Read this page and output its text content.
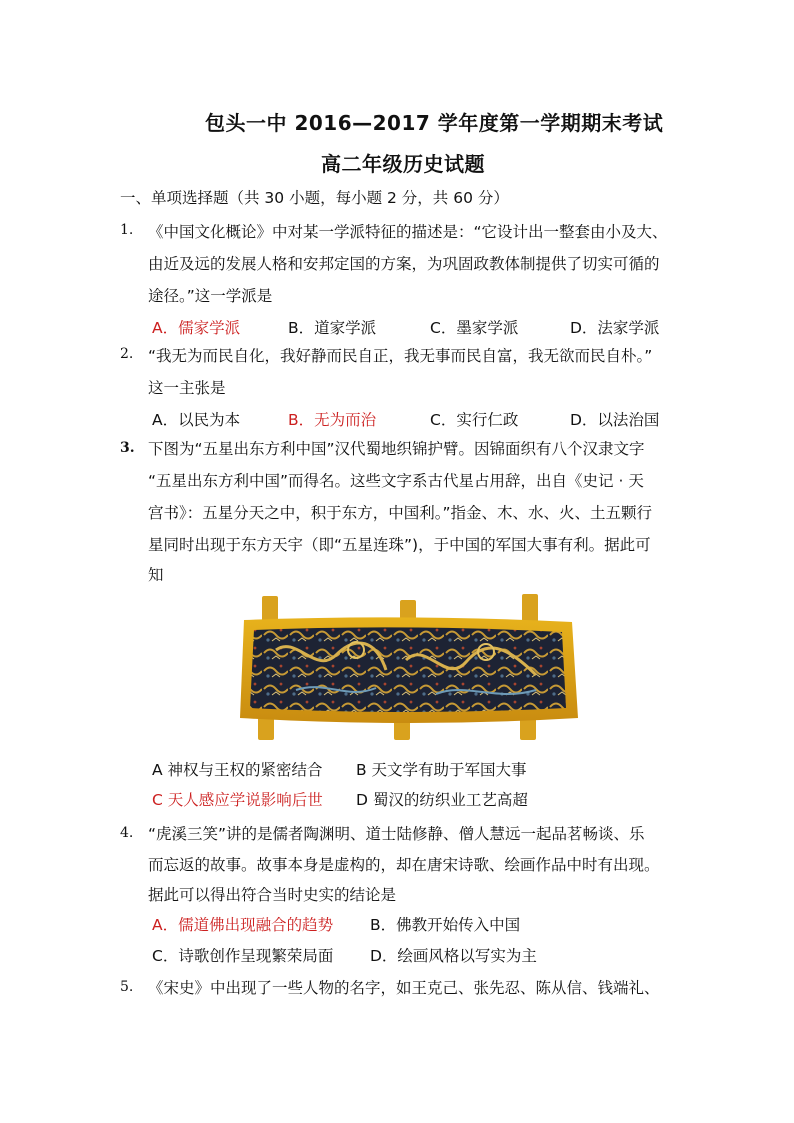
包头一中 2016—2017 学年度第一学期期末考试
高二年级历史试题
一、单项选择题（共 30 小题，每小题 2 分，共 60 分）
1. 《中国文化概论》中对某一学派特征的描述是：“它设计出一整套由小及大、
由近及远的发展人格和安邦定国的方案，为巩固政教体制提供了切实可循的
途径。”这一学派是
A．儒家学派	B．道家学派	C．墨家学派	D．法家学派
2. “我无为而民自化，我好静而民自正，我无事而民自富，我无欲而民自朴。”
这一主张是
A．以民为本	B．无为而治	C．实行仁政	D．以法治国
3. 下图为“五星出东方利中国”汉代蜀地织锦护臂。因锦面织有八个汉隶文字
“五星出东方利中国”而得名。这些文字系古代星占用辞，出自《史记 · 天
宫书》：五星分天之中，积于东方，中国利。”指金、木、水、火、土五颗行
星同时出现于东方天宇（即“五星连珠”)，于中国的军国大事有利。据此可
知
A 神权与王权的紧密结合 B 天文学有助于军国大事
C 天人感应学说影响后世 D 蜀汉的纺织业工艺高超
4. “虎溪三笑”讲的是儒者陶渊明、道士陆修静、僧人慧远一起品茗畅谈、乐
而忘返的故事。故事本身是虚构的，却在唐宋诗歌、绘画作品中时有出现。
据此可以得出符合当时史实的结论是
A．儒道佛出现融合的趋势 B．佛教开始传入中国
C．诗歌创作呈现繁荣局面 D．绘画风格以写实为主
5. 《宋史》中出现了一些人物的名字，如王克己、张先忍、陈从信、钱端礼、
